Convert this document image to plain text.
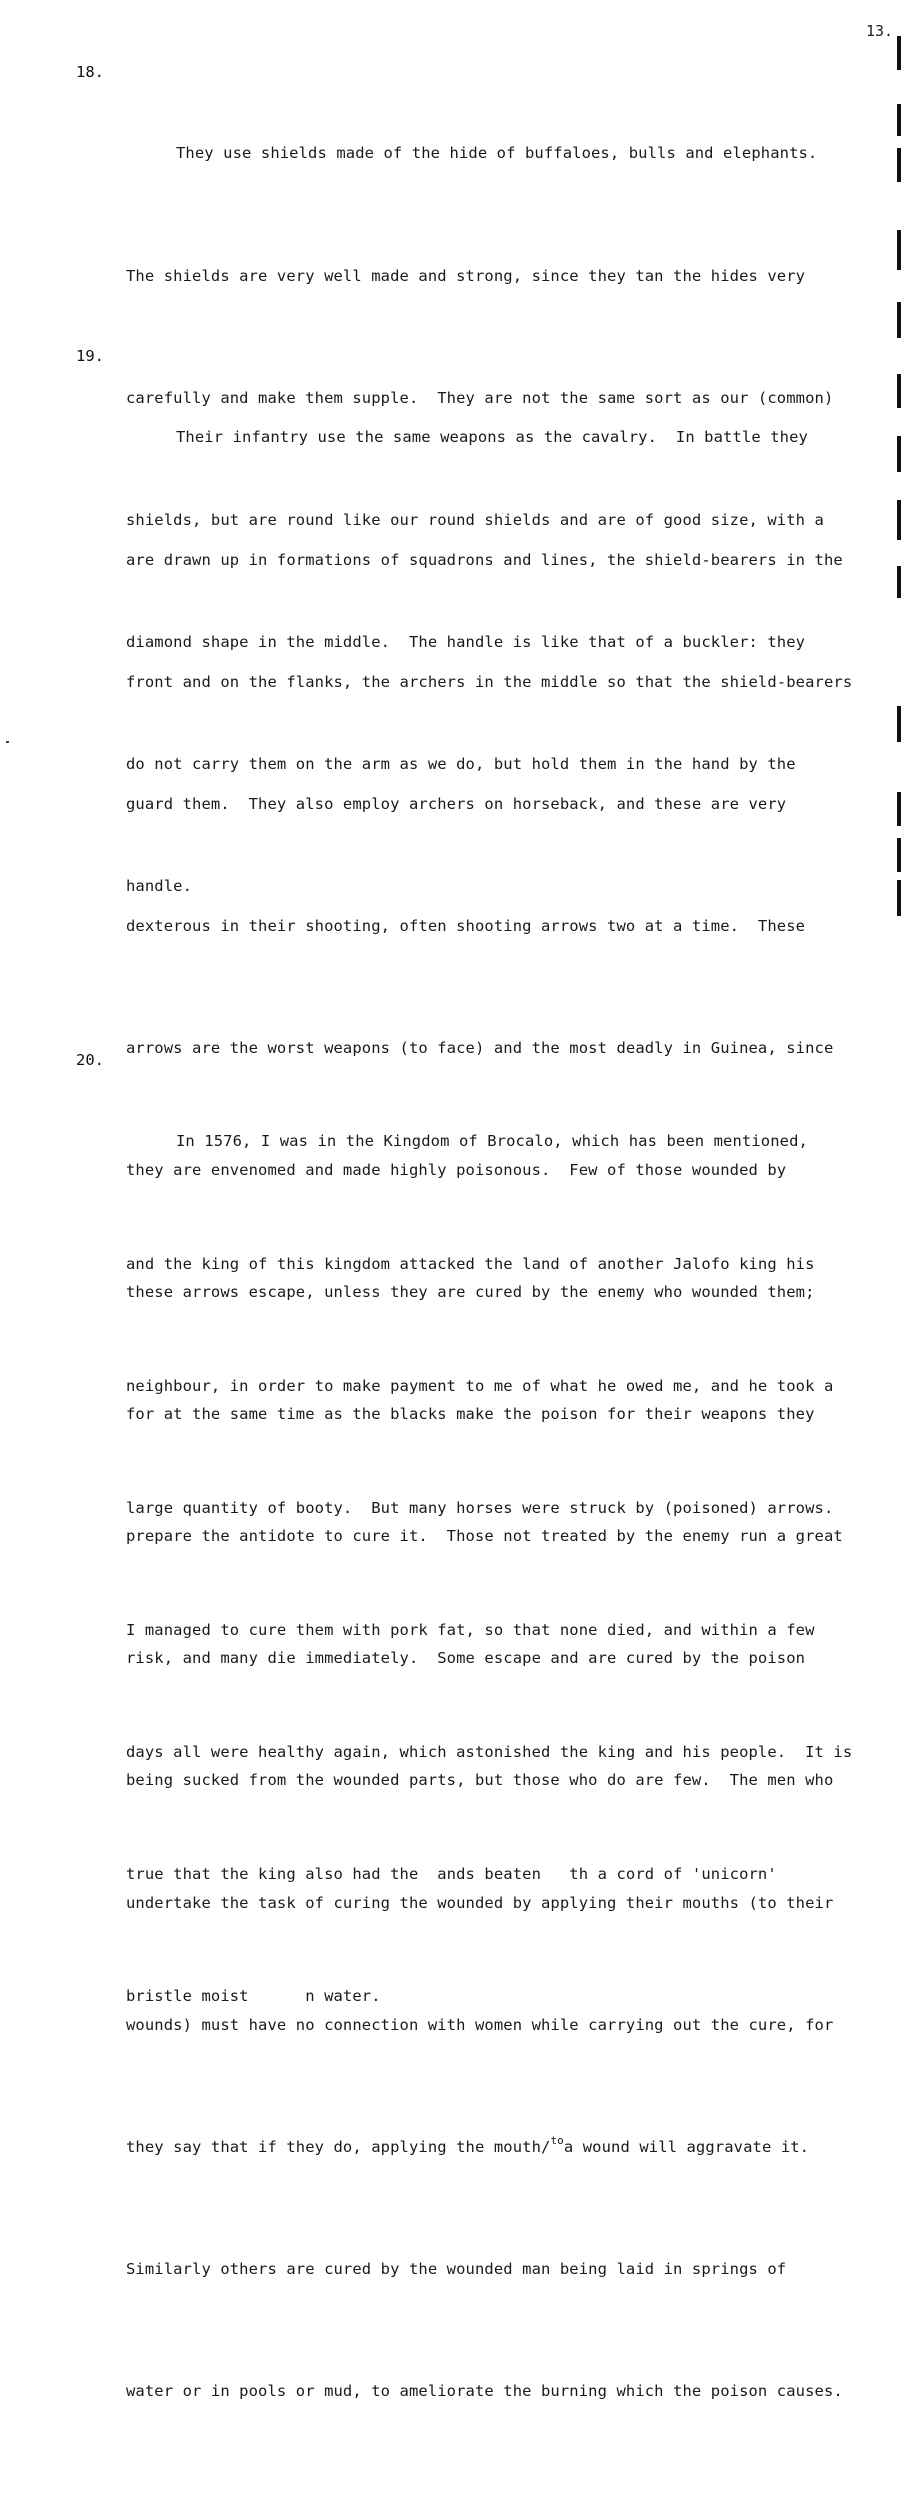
13.
18.

They use shields made of the hide of buffaloes, bulls and elephants.

The shields are very well made and strong, since they tan the hides very

carefully and make them supple.  They are not the same sort as our (common)

shields, but are round like our round shields and are of good size, with a

diamond shape in the middle.  The handle is like that of a buckler: they

do not carry them on the arm as we do, but hold them in the hand by the

handle.

19.

Their infantry use the same weapons as the cavalry.  In battle they

are drawn up in formations of squadrons and lines, the shield-bearers in the

front and on the flanks, the archers in the middle so that the shield-bearers

guard them.  They also employ archers on horseback, and these are very

dexterous in their shooting, often shooting arrows two at a time.  These

arrows are the worst weapons (to face) and the most deadly in Guinea, since

they are envenomed and made highly poisonous.  Few of those wounded by

these arrows escape, unless they are cured by the enemy who wounded them;

for at the same time as the blacks make the poison for their weapons they

prepare the antidote to cure it.  Those not treated by the enemy run a great

risk, and many die immediately.  Some escape and are cured by the poison

being sucked from the wounded parts, but those who do are few.  The men who

undertake the task of curing the wounded by applying their mouths (to their

wounds) must have no connection with women while carrying out the cure, for

they say that if they do, applying the mouth/$^{to}$a wound will aggravate it.

Similarly others are cured by the wounded man being laid in springs of

water or in pools or mud, to ameliorate the burning which the poison causes.

20.

In 1576, I was in the Kingdom of Brocalo, which has been mentioned,

and the king of this kingdom attacked the land of another Jalofo king his

neighbour, in order to make payment to me of what he owed me, and he took a

large quantity of booty.  But many horses were struck by (poisoned) arrows.

I managed to cure them with pork fat, so that none died, and within a few

days all were healthy again, which astonished the king and his people.  It is

true that the king also had the  ands beaten   th a cord of 'unicorn'

bristle moist      n water.
